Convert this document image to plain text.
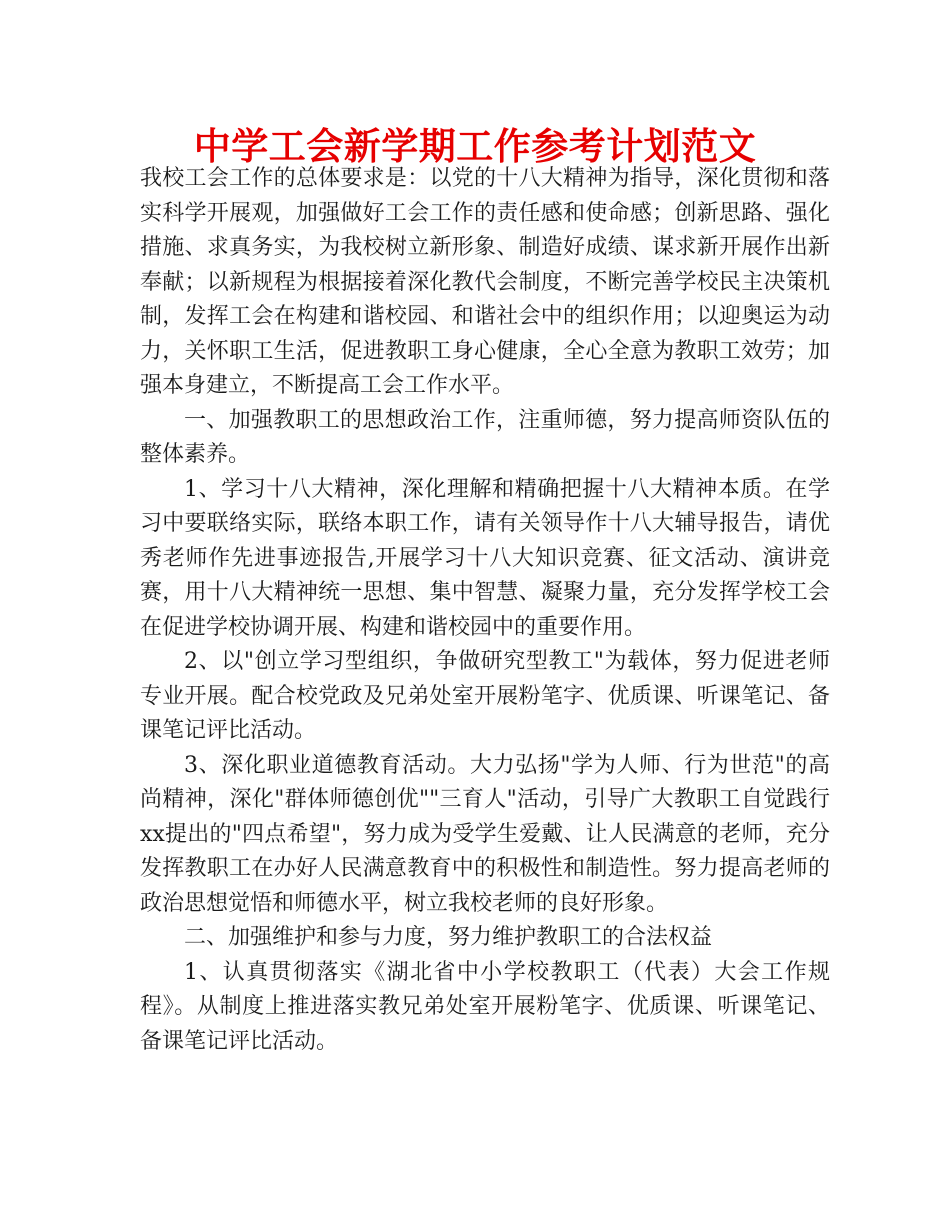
中学工会新学期工作参考计划范文

我校工会工作的总体要求是：以党的十八大精神为指导，深化贯彻和落实科学开展观，加强做好工会工作的责任感和使命感；创新思路、强化措施、求真务实，为我校树立新形象、制造好成绩、谋求新开展作出新奉献；以新规程为根据接着深化教代会制度，不断完善学校民主决策机制，发挥工会在构建和谐校园、和谐社会中的组织作用；以迎奥运为动力，关怀职工生活，促进教职工身心健康，全心全意为教职工效劳；加强本身建立，不断提高工会工作水平。

一、加强教职工的思想政治工作，注重师德，努力提高师资队伍的整体素养。

1、学习十八大精神，深化理解和精确把握十八大精神本质。在学习中要联络实际，联络本职工作，请有关领导作十八大辅导报告，请优秀老师作先进事迹报告,开展学习十八大知识竞赛、征文活动、演讲竞赛，用十八大精神统一思想、集中智慧、凝聚力量，充分发挥学校工会在促进学校协调开展、构建和谐校园中的重要作用。

2、以"创立学习型组织，争做研究型教工"为载体，努力促进老师专业开展。配合校党政及兄弟处室开展粉笔字、优质课、听课笔记、备课笔记评比活动。

3、深化职业道德教育活动。大力弘扬"学为人师、行为世范"的高尚精神，深化"群体师德创优""三育人"活动，引导广大教职工自觉践行xx提出的"四点希望"，努力成为受学生爱戴、让人民满意的老师，充分发挥教职工在办好人民满意教育中的积极性和制造性。努力提高老师的政治思想觉悟和师德水平，树立我校老师的良好形象。

二、加强维护和参与力度，努力维护教职工的合法权益

1、认真贯彻落实《湖北省中小学校教职工（代表）大会工作规程》。从制度上推进落实教兄弟处室开展粉笔字、优质课、听课笔记、备课笔记评比活动。
